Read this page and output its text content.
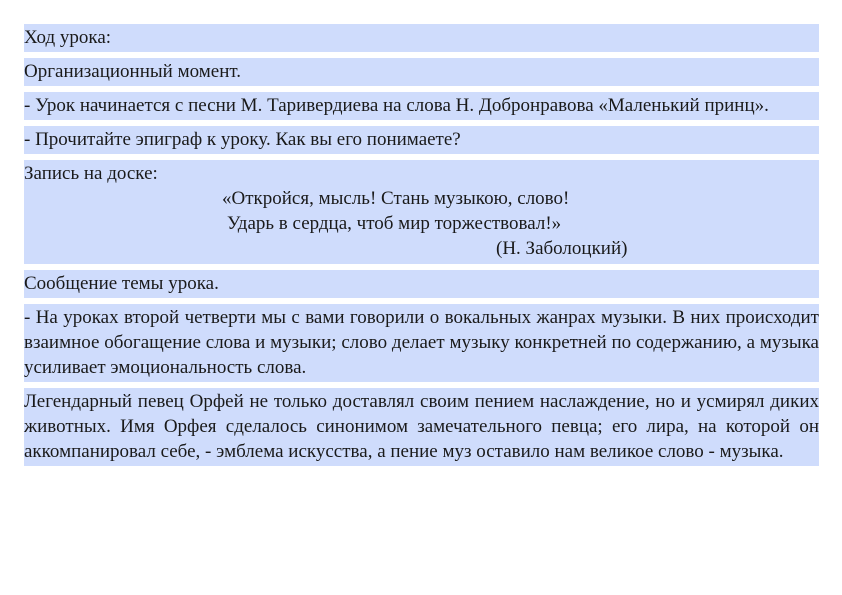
Ход урока:

Организационный момент.

- Урок начинается с песни М. Таривердиева на слова Н. Добронравова «Маленький принц».

- Прочитайте эпиграф к уроку. Как вы его понимаете?

Запись на доске:
«Откройся, мысль! Стань музыкою, слово!
Ударь в сердца, чтоб мир торжествовал!»
(Н. Заболоцкий)

Сообщение темы урока.

- На уроках второй четверти мы с вами говорили о вокальных жанрах музыки. В них происходит взаимное обогащение слова и музыки; слово делает музыку конкретней по содержанию, а музыка усиливает эмоциональность слова.

Легендарный певец Орфей не только доставлял своим пением наслаждение, но и усмирял диких животных. Имя Орфея сделалось синонимом замечательного певца; его лира, на которой он аккомпанировал себе, - эмблема искусства, а пение муз оставило нам великое слово - музыка.
